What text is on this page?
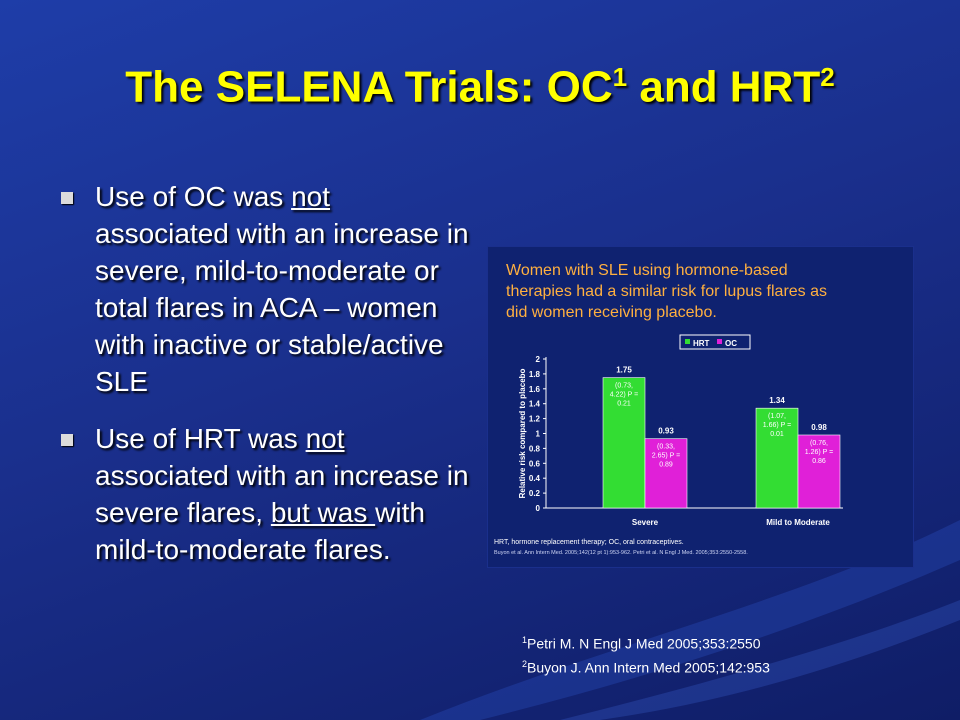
The SELENA Trials: $OC^1$ and HRT$^2$
Use of OC was not associated with an increase in severe, mild-to-moderate or total flares in ACA – women with inactive or stable/active SLE
Use of HRT was not associated with an increase in severe flares, but was with mild-to-moderate flares.
Women with SLE using hormone-based
therapies had a similar risk for lupus flares as
did women receiving placebo.
0
0.2
0.4
0.6
0.8
1
1.2
1.4
1.6
1.8
2
Relative risk compared to placebo
HRT OC
1.75
(0.73,
4.22) P =
0.21
0.93
(0.33,
2.65) P =
0.89
Severe
1.34
(1.07,
1.66) P =
0.01
0.98
(0.76,
1.26) P =
0.86
Mild to Moderate
HRT, hormone replacement therapy; OC, oral contraceptives.
Buyon et al. Ann Intern Med. 2005;142(12 pt 1):953-962. Petri et al. N Engl J Med. 2005;353:2550-2558.
$^1$Petri M. N Engl J Med 2005;353:2550
$^2$Buyon J. Ann Intern Med 2005;142:953
